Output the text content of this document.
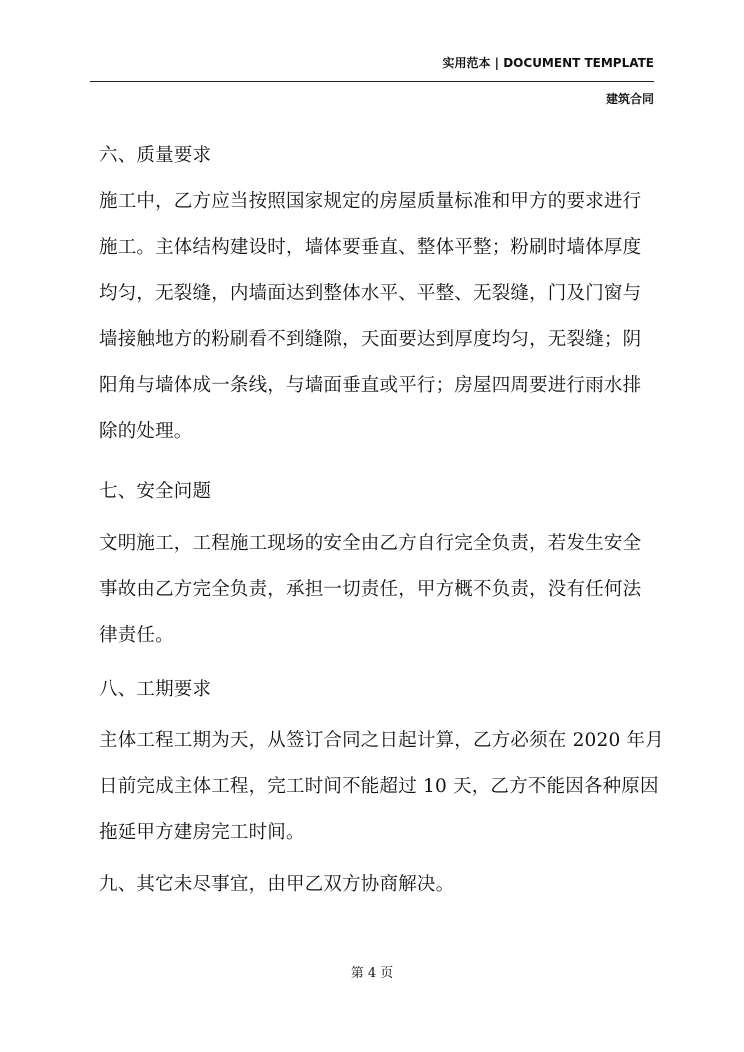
实用范本 | DOCUMENT TEMPLATE
建筑合同
六、质量要求
施工中，乙方应当按照国家规定的房屋质量标准和甲方的要求进行
施工。主体结构建设时，墙体要垂直、整体平整；粉刷时墙体厚度
均匀，无裂缝，内墙面达到整体水平、平整、无裂缝，门及门窗与
墙接触地方的粉刷看不到缝隙，天面要达到厚度均匀，无裂缝；阴
阳角与墙体成一条线，与墙面垂直或平行；房屋四周要进行雨水排
除的处理。
七、安全问题
文明施工，工程施工现场的安全由乙方自行完全负责，若发生安全
事故由乙方完全负责，承担一切责任，甲方概不负责，没有任何法
律责任。
八、工期要求
主体工程工期为天，从签订合同之日起计算，乙方必须在 2020 年月
日前完成主体工程，完工时间不能超过 10 天，乙方不能因各种原因
拖延甲方建房完工时间。
九、其它未尽事宜，由甲乙双方协商解决。
第 4 页
